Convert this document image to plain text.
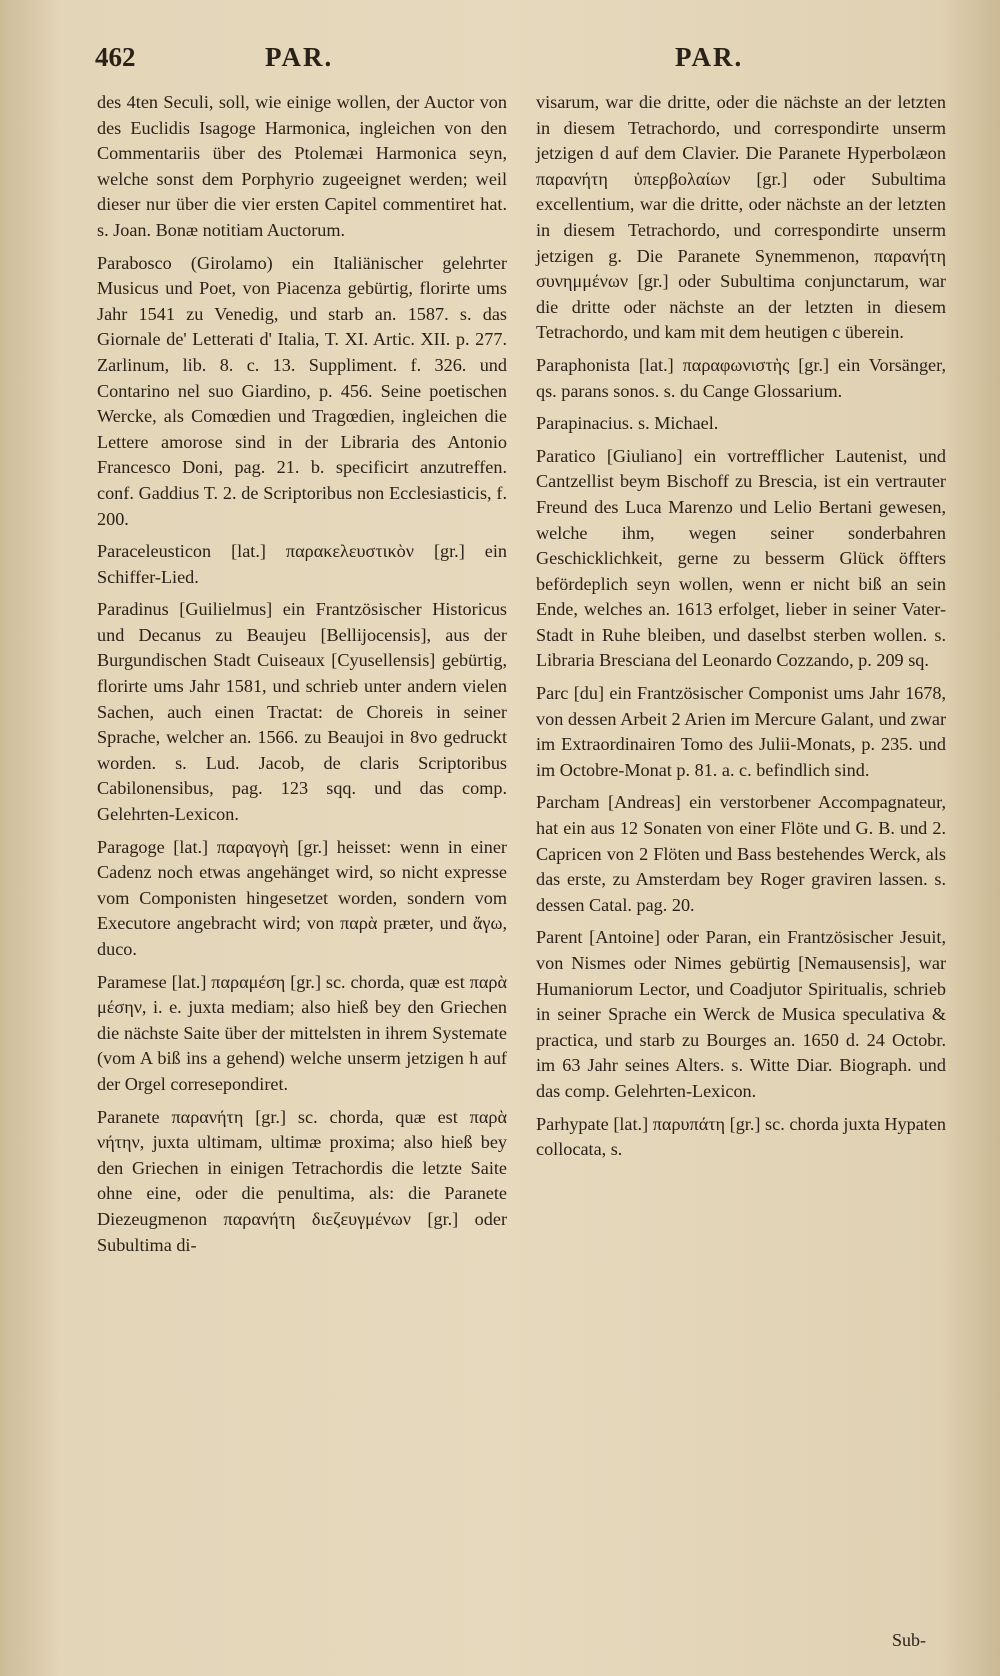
462	PAR.	PAR.

des 4ten Seculi, soll, wie einige wollen, der Auctor von des Euclidis Isagoge Harmonica, ingleichen von den Commentariis über des Ptolemæi Harmonica seyn, welche sonst dem Porphyrio zugeeignet werden; weil dieser nur über die vier ersten Capitel commentiret hat. s. Joan. Bonæ notitiam Auctorum.

Parabosco (Girolamo) ein Italiänischer gelehrter Musicus und Poet, von Piacenza gebürtig, florirte ums Jahr 1541 zu Venedig, und starb an. 1587. s. das Giornale de' Letterati d' Italia, T. XI. Artic. XII. p. 277. Zarlinum, lib. 8. c. 13. Suppliment. f. 326. und Contarino nel suo Giardino, p. 456. Seine poetischen Wercke, als Comœdien und Tragœdien, ingleichen die Lettere amorose sind in der Libraria des Antonio Francesco Doni, pag. 21. b. specificirt anzutreffen. conf. Gaddius T. 2. de Scriptoribus non Ecclesiasticis, f. 200.

Paraceleusticon [lat.] παρακελευστικὸν [gr.] ein Schiffer-Lied.

Paradinus [Guilielmus] ein Frantzösischer Historicus und Decanus zu Beaujeu [Bellijocensis], aus der Burgundischen Stadt Cuiseaux [Cyusellensis] gebürtig, florirte ums Jahr 1581, und schrieb unter andern vielen Sachen, auch einen Tractat: de Choreis in seiner Sprache, welcher an. 1566. zu Beaujoi in 8vo gedruckt worden. s. Lud. Jacob, de claris Scriptoribus Cabilonensibus, pag. 123 sqq. und das comp. Gelehrten-Lexicon.

Paragoge [lat.] παραγογὴ [gr.] heisset: wenn in einer Cadenz noch etwas angehänget wird, so nicht expresse vom Componisten hingesetzet worden, sondern vom Executore angebracht wird; von παρὰ præter, und ἄγω, duco.

Paramese [lat.] παραμέση [gr.] sc. chorda, quæ est παρὰ μέσην, i. e. juxta mediam; also hieß bey den Griechen die nächste Saite über der mittelsten in ihrem Systemate (vom A biß ins a gehend) welche unserm jetzigen h auf der Orgel corresepondiret.

Paranete παρανήτη [gr.] sc. chorda, quæ est παρὰ νήτην, juxta ultimam, ultimæ proxima; also hieß bey den Griechen in einigen Tetrachordis die letzte Saite ohne eine, oder die penultima, als: die Paranete Diezeugmenon παρανήτη διεζευγμένων [gr.] oder Subultima di-

visarum, war die dritte, oder die nächste an der letzten in diesem Tetrachordo, und correspondirte unserm jetzigen d auf dem Clavier. Die Paranete Hyperbolæon παρανήτη ὑπερβολαίων [gr.] oder Subultima excellentium, war die dritte, oder nächste an der letzten in diesem Tetrachordo, und correspondirte unserm jetzigen g. Die Paranete Synemmenon, παρανήτη συνημμένων [gr.] oder Subultima conjunctarum, war die dritte oder nächste an der letzten in diesem Tetrachordo, und kam mit dem heutigen c überein.

Paraphonista [lat.] παραφωνιστὴς [gr.] ein Vorsänger, qs. parans sonos. s. du Cange Glossarium.

Parapinacius. s. Michael.

Paratico [Giuliano] ein vortrefflicher Lautenist, und Cantzellist beym Bischoff zu Brescia, ist ein vertrauter Freund des Luca Marenzo und Lelio Bertani gewesen, welche ihm, wegen seiner sonderbahren Geschicklichkeit, gerne zu besserm Glück öffters befördерlich seyn wollen, wenn er nicht biß an sein Ende, welches an. 1613 erfolget, lieber in seiner Vater-Stadt in Ruhe bleiben, und daselbst sterben wollen. s. Libraria Bresciana del Leonardo Cozzando, p. 209 sq.

Parc [du] ein Frantzösischer Componist ums Jahr 1678, von dessen Arbeit 2 Arien im Mercure Galant, und zwar im Extraordinairen Tomo des Julii-Monats, p. 235. und im Octobre-Monat p. 81. a. c. befindlich sind.

Parcham [Andreas] ein verstorbener Accompagnateur, hat ein aus 12 Sonaten von einer Flöte und G. B. und 2. Capricen von 2 Flöten und Bass bestehendes Werck, als das erste, zu Amsterdam bey Roger graviren lassen. s. dessen Catal. pag. 20.

Parent [Antoine] oder Paran, ein Frantzösischer Jesuit, von Nismes oder Nimes gebürtig [Nemausensis], war Humaniorum Lector, und Coadjutor Spiritualis, schrieb in seiner Sprache ein Werck de Musica speculativa & practica, und starb zu Bourges an. 1650 d. 24 Octobr. im 63 Jahr seines Alters. s. Witte Diar. Biograph. und das comp. Gelehrten-Lexicon.

Parhypate [lat.] παρυπάτη [gr.] sc. chorda juxta Hypaten collocata, s.

Sub-
